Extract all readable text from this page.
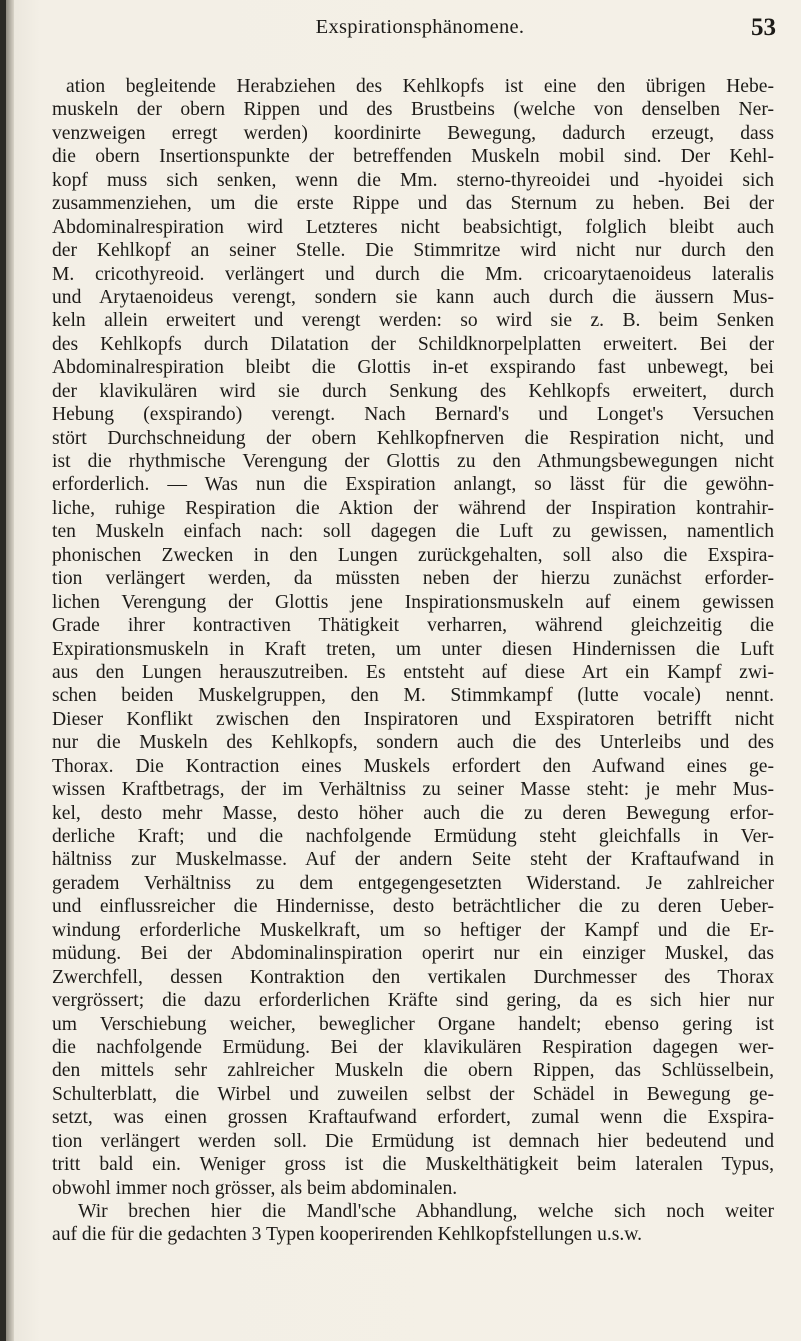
Exspirationsphänomene.	53
ation begleitende Herabziehen des Kehlkopfs ist eine den übrigen Hebe-
muskeln der obern Rippen und des Brustbeins (welche von denselben Ner-
venzweigen erregt werden) koordinirte Bewegung, dadurch erzeugt, dass
die obern Insertionspunkte der betreffenden Muskeln mobil sind. Der Kehl-
kopf muss sich senken, wenn die Mm. sterno-thyreoidei und -hyoidei sich
zusammenziehen, um die erste Rippe und das Sternum zu heben. Bei der
Abdominalrespiration wird Letzteres nicht beabsichtigt, folglich bleibt auch
der Kehlkopf an seiner Stelle. Die Stimmritze wird nicht nur durch den
M. cricothyreoid. verlängert und durch die Mm. cricoarytaenoideus lateralis
und Arytaenoideus verengt, sondern sie kann auch durch die äussern Mus-
keln allein erweitert und verengt werden: so wird sie z. B. beim Senken
des Kehlkopfs durch Dilatation der Schildknorpelplatten erweitert. Bei der
Abdominalrespiration bleibt die Glottis in-et exspirando fast unbewegt, bei
der klavikulären wird sie durch Senkung des Kehlkopfs erweitert, durch
Hebung (exspirando) verengt. Nach Bernard's und Longet's Versuchen
stört Durchschneidung der obern Kehlkopfnerven die Respiration nicht, und
ist die rhythmische Verengung der Glottis zu den Athmungsbewegungen nicht
erforderlich. — Was nun die Exspiration anlangt, so lässt für die gewöhn-
liche, ruhige Respiration die Aktion der während der Inspiration kontrahir-
ten Muskeln einfach nach: soll dagegen die Luft zu gewissen, namentlich
phonischen Zwecken in den Lungen zurückgehalten, soll also die Exspira-
tion verlängert werden, da müssten neben der hierzu zunächst erforder-
lichen Verengung der Glottis jene Inspirationsmuskeln auf einem gewissen
Grade ihrer kontractiven Thätigkeit verharren, während gleichzeitig die
Expirationsmuskeln in Kraft treten, um unter diesen Hindernissen die Luft
aus den Lungen herauszutreiben. Es entsteht auf diese Art ein Kampf zwi-
schen beiden Muskelgruppen, den M. Stimmkampf (lutte vocale) nennt.
Dieser Konflikt zwischen den Inspiratoren und Exspiratoren betrifft nicht
nur die Muskeln des Kehlkopfs, sondern auch die des Unterleibs und des
Thorax. Die Kontraction eines Muskels erfordert den Aufwand eines ge-
wissen Kraftbetrags, der im Verhältniss zu seiner Masse steht: je mehr Mus-
kel, desto mehr Masse, desto höher auch die zu deren Bewegung erfor-
derliche Kraft; und die nachfolgende Ermüdung steht gleichfalls in Ver-
hältniss zur Muskelmasse. Auf der andern Seite steht der Kraftaufwand in
geradem Verhältniss zu dem entgegengesetzten Widerstand. Je zahlreicher
und einflussreicher die Hindernisse, desto beträchtlicher die zu deren Ueber-
windung erforderliche Muskelkraft, um so heftiger der Kampf und die Er-
müdung. Bei der Abdominalinspiration operirt nur ein einziger Muskel, das
Zwerchfell, dessen Kontraktion den vertikalen Durchmesser des Thorax
vergrössert; die dazu erforderlichen Kräfte sind gering, da es sich hier nur
um Verschiebung weicher, beweglicher Organe handelt; ebenso gering ist
die nachfolgende Ermüdung. Bei der klavikulären Respiration dagegen wer-
den mittels sehr zahlreicher Muskeln die obern Rippen, das Schlüsselbein,
Schulterblatt, die Wirbel und zuweilen selbst der Schädel in Bewegung ge-
setzt, was einen grossen Kraftaufwand erfordert, zumal wenn die Exspira-
tion verlängert werden soll. Die Ermüdung ist demnach hier bedeutend und
tritt bald ein. Weniger gross ist die Muskelthätigkeit beim lateralen Typus,
obwohl immer noch grösser, als beim abdominalen.
Wir brechen hier die Mandl'sche Abhandlung, welche sich noch weiter
auf die für die gedachten 3 Typen kooperirenden Kehlkopfstellungen u.s.w.
